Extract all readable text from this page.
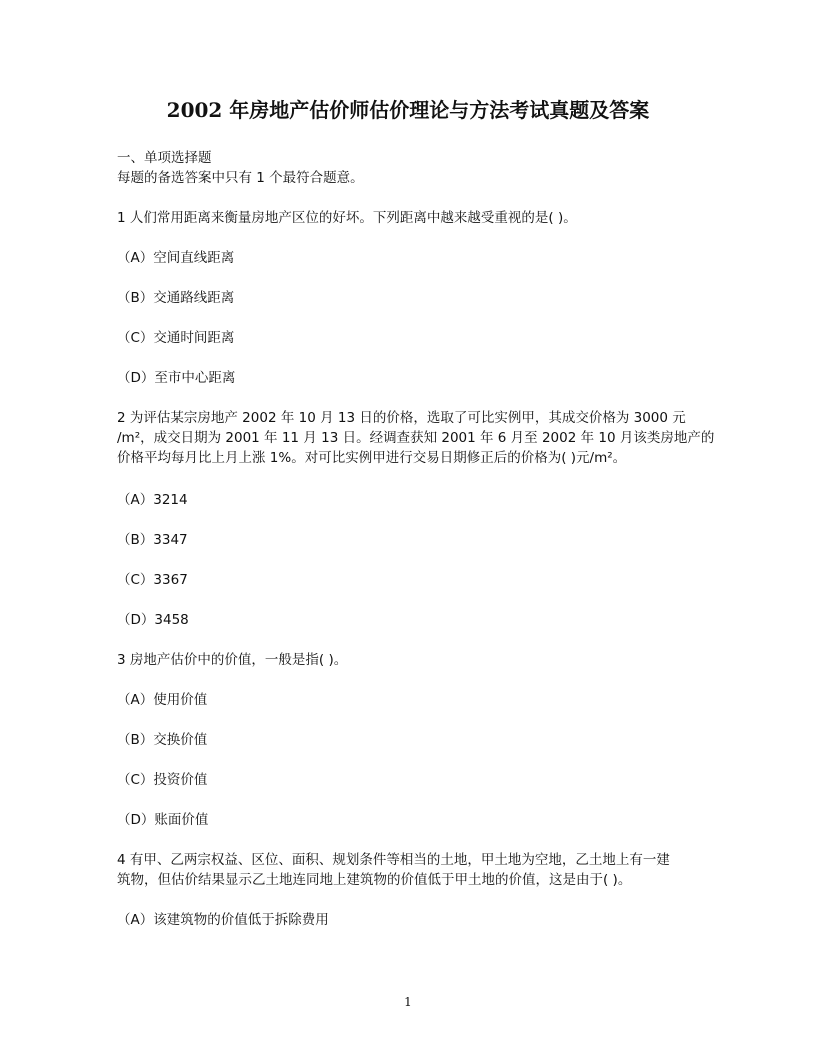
2002 年房地产估价师估价理论与方法考试真题及答案
一、单项选择题
每题的备选答案中只有 1 个最符合题意。
1 人们常用距离来衡量房地产区位的好坏。下列距离中越来越受重视的是( )。
（A）空间直线距离
（B）交通路线距离
（C）交通时间距离
（D）至市中心距离
2 为评估某宗房地产 2002 年 10 月 13 日的价格，选取了可比实例甲，其成交价格为 3000 元
/m²，成交日期为 2001 年 11 月 13 日。经调查获知 2001 年 6 月至 2002 年 10 月该类房地产的
价格平均每月比上月上涨 1%。对可比实例甲进行交易日期修正后的价格为( )元/m²。
（A）3214
（B）3347
（C）3367
（D）3458
3 房地产估价中的价值，一般是指( )。
（A）使用价值
（B）交换价值
（C）投资价值
（D）账面价值
4 有甲、乙两宗权益、区位、面积、规划条件等相当的土地，甲土地为空地，乙土地上有一建
筑物，但估价结果显示乙土地连同地上建筑物的价值低于甲土地的价值，这是由于( )。
（A）该建筑物的价值低于拆除费用
1
